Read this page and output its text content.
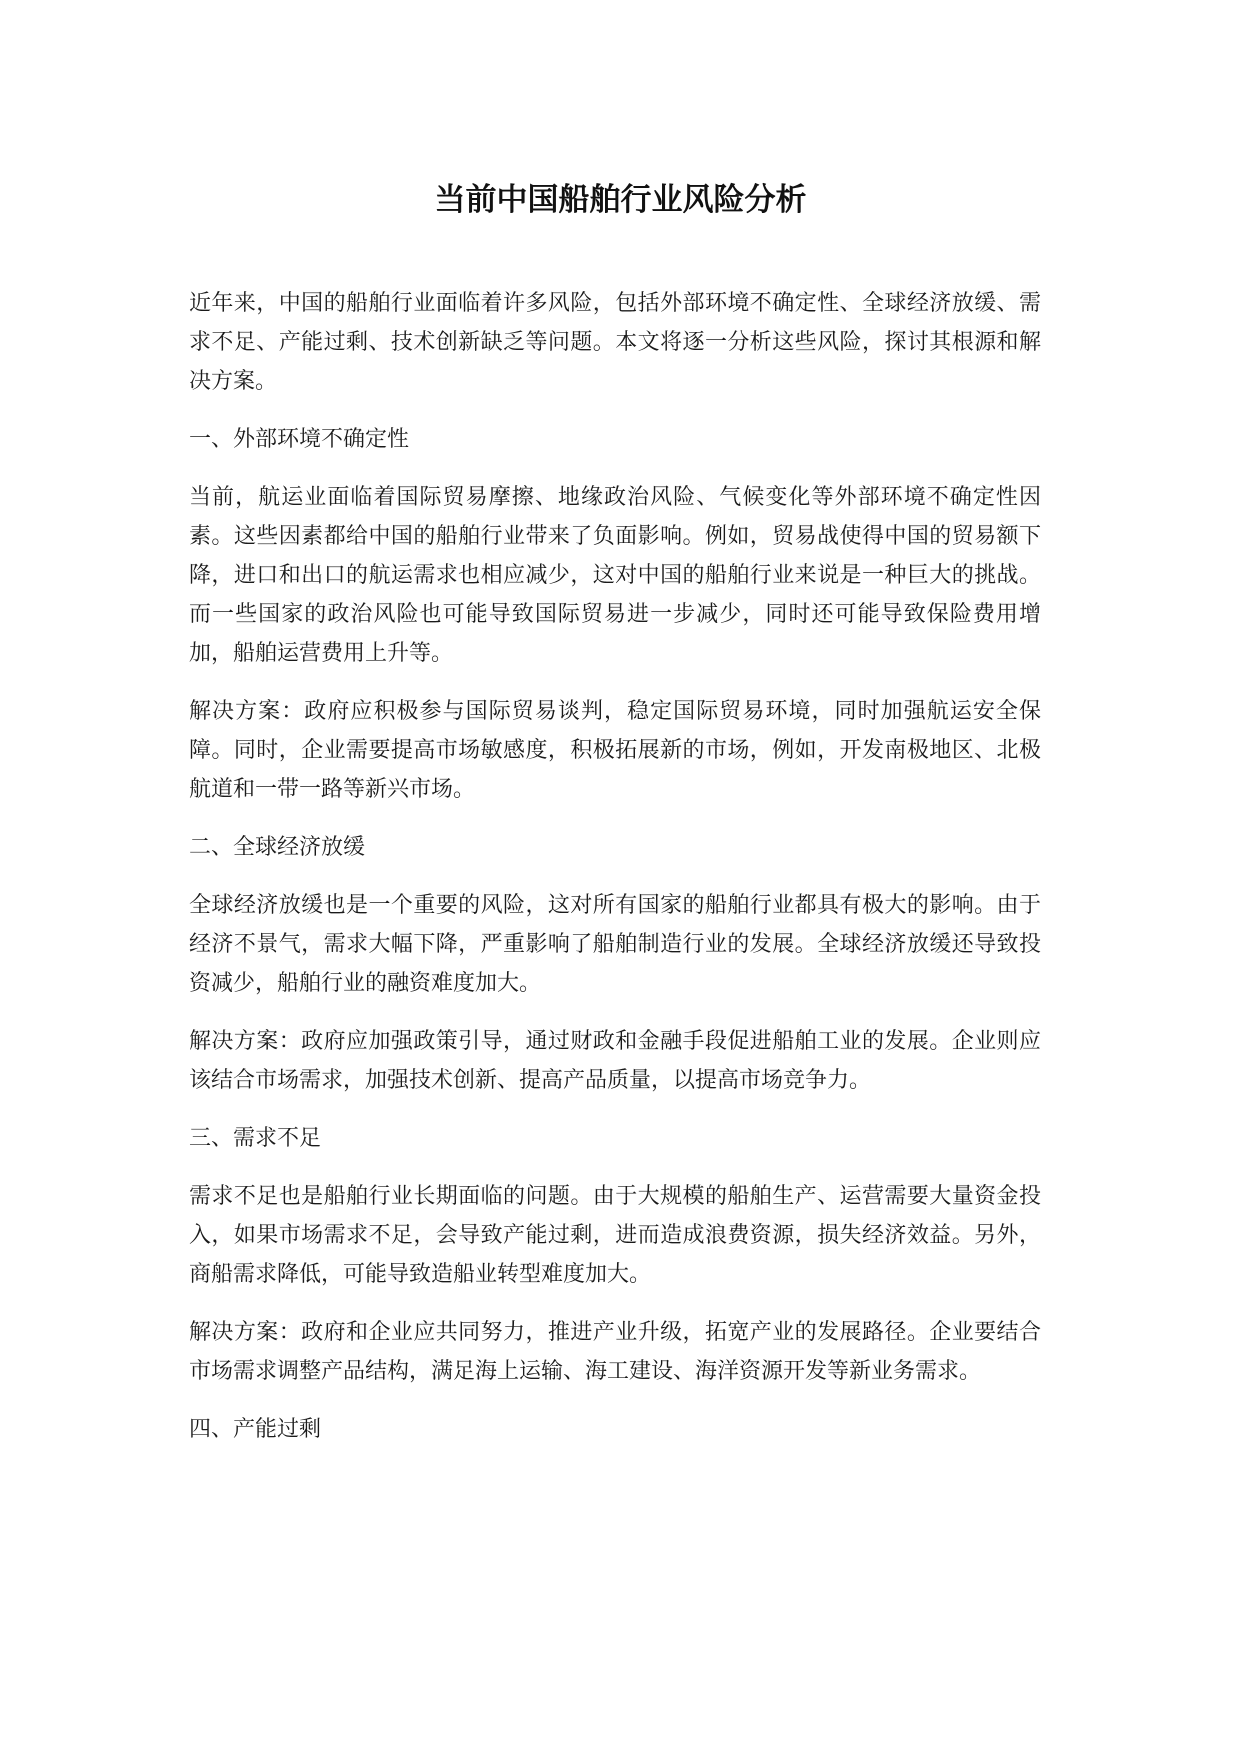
当前中国船舶行业风险分析

近年来，中国的船舶行业面临着许多风险，包括外部环境不确定性、全球经济放缓、需求不足、产能过剩、技术创新缺乏等问题。本文将逐一分析这些风险，探讨其根源和解决方案。

一、外部环境不确定性

当前，航运业面临着国际贸易摩擦、地缘政治风险、气候变化等外部环境不确定性因素。这些因素都给中国的船舶行业带来了负面影响。例如，贸易战使得中国的贸易额下降，进口和出口的航运需求也相应减少，这对中国的船舶行业来说是一种巨大的挑战。而一些国家的政治风险也可能导致国际贸易进一步减少，同时还可能导致保险费用增加，船舶运营费用上升等。

解决方案：政府应积极参与国际贸易谈判，稳定国际贸易环境，同时加强航运安全保障。同时，企业需要提高市场敏感度，积极拓展新的市场，例如，开发南极地区、北极航道和一带一路等新兴市场。

二、全球经济放缓

全球经济放缓也是一个重要的风险，这对所有国家的船舶行业都具有极大的影响。由于经济不景气，需求大幅下降，严重影响了船舶制造行业的发展。全球经济放缓还导致投资减少，船舶行业的融资难度加大。

解决方案：政府应加强政策引导，通过财政和金融手段促进船舶工业的发展。企业则应该结合市场需求，加强技术创新、提高产品质量，以提高市场竞争力。

三、需求不足

需求不足也是船舶行业长期面临的问题。由于大规模的船舶生产、运营需要大量资金投入，如果市场需求不足，会导致产能过剩，进而造成浪费资源，损失经济效益。另外，商船需求降低，可能导致造船业转型难度加大。

解决方案：政府和企业应共同努力，推进产业升级，拓宽产业的发展路径。企业要结合市场需求调整产品结构，满足海上运输、海工建设、海洋资源开发等新业务需求。

四、产能过剩
